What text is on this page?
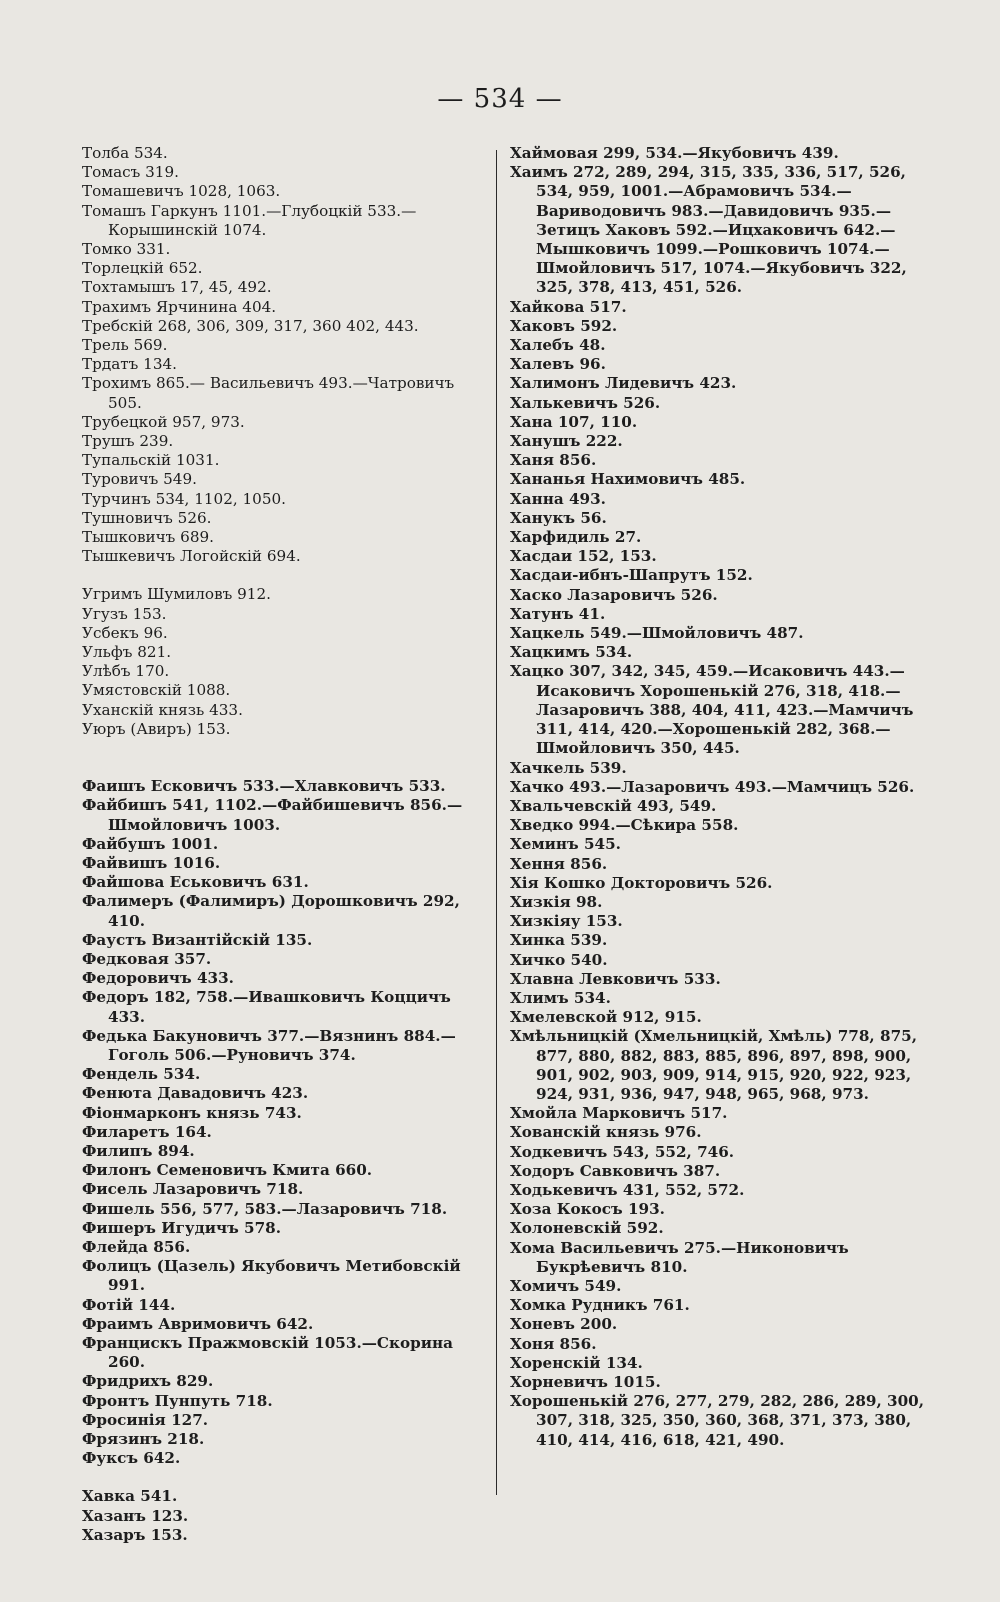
— 534 —
Толба 534.
Томасъ 319.
Томашевичъ 1028, 1063.
Томашъ Гаркунъ 1101.—Глубоцкій 533.—Корышинскій 1074.
Томко 331.
Торлецкій 652.
Тохтамышъ 17, 45, 492.
Трахимъ Ярчинина 404.
Требскій 268, 306, 309, 317, 360 402, 443.
Трель 569.
Трдатъ 134.
Трохимъ 865.— Васильевичъ 493.—Чатровичъ 505.
Трубецкой 957, 973.
Трушъ 239.
Тупальскій 1031.
Туровичъ 549.
Турчинъ 534, 1102, 1050.
Тушновичъ 526.
Тышковичъ 689.
Тышкевичъ Логойскій 694.
Угримъ Шумиловъ 912.
Угузъ 153.
Усбекъ 96.
Ульфъ 821.
Улѣбъ 170.
Умястовскій 1088.
Уханскій князь 433.
Уюръ (Авиръ) 153.
Фаишъ Есковичъ 533.—Хлавковичъ 533.
Файбишъ 541, 1102.—Файбишевичъ 856.—Шмойловичъ 1003.
Файбушъ 1001.
Файвишъ 1016.
Файшова Еськовичъ 631.
Фалимеръ (Фалимиръ) Дорошковичъ 292, 410.
Фаустъ Византійскій 135.
Федковая 357.
Федоровичъ 433.
Федоръ 182, 758.—Ивашковичъ Коццичъ 433.
Федька Бакуновичъ 377.—Вязнинъ 884.—Гоголь 506.—Руновичъ 374.
Фендель 534.
Фенюта Давадовичъ 423.
Фіонмарконъ князь 743.
Филаретъ 164.
Филипъ 894.
Филонъ Семеновичъ Кмита 660.
Фисель Лазаровичъ 718.
Фишель 556, 577, 583.—Лазаровичъ 718.
Фишеръ Игудичъ 578.
Флейда 856.
Фолицъ (Цазель) Якубовичъ Метибовскій 991.
Фотій 144.
Фраимъ Авримовичъ 642.
Францискъ Пражмовскій 1053.—Скорина 260.
Фридрихъ 829.
Фронтъ Пунпуть 718.
Фросинія 127.
Фрязинъ 218.
Фуксъ 642.
Хавка 541.
Хазанъ 123.
Хазаръ 153.
Хаймовая 299, 534.—Якубовичъ 439.
Хаимъ 272, 289, 294, 315, 335, 336, 517, 526, 534, 959, 1001.—Абрамовичъ 534.—Вариводовичъ 983.—Давидовичъ 935.—Зетицъ Хаковъ 592.—Ицхаковичъ 642.—Мышковичъ 1099.—Рошковичъ 1074.—Шмойловичъ 517, 1074.—Якубовичъ 322, 325, 378, 413, 451, 526.
Хайкова 517.
Хаковъ 592.
Халебъ 48.
Халевъ 96.
Халимонъ Лидевичъ 423.
Халькевичъ 526.
Хана 107, 110.
Ханушъ 222.
Ханя 856.
Хананья Нахимовичъ 485.
Ханна 493.
Ханукъ 56.
Харфидиль 27.
Хасдаи 152, 153.
Хасдаи-ибнъ-Шапрутъ 152.
Хаско Лазаровичъ 526.
Хатунъ 41.
Хацкель 549.—Шмойловичъ 487.
Хацкимъ 534.
Хацко 307, 342, 345, 459.—Исаковичъ 443.—Исаковичъ Хорошенькій 276, 318, 418.—Лазаровичъ 388, 404, 411, 423.—Мамчичъ 311, 414, 420.—Хорошенькій 282, 368.—Шмойловичъ 350, 445.
Хачкель 539.
Хачко 493.—Лазаровичъ 493.—Мамчицъ 526.
Хвальчевскій 493, 549.
Хведко 994.—Сѣкира 558.
Хеминъ 545.
Хення 856.
Хія Кошко Докторовичъ 526.
Хизкія 98.
Хизкіяу 153.
Хинка 539.
Хичко 540.
Хлавна Левковичъ 533.
Хлимъ 534.
Хмелевской 912, 915.
Хмѣльницкій (Хмельницкій, Хмѣль) 778, 875, 877, 880, 882, 883, 885, 896, 897, 898, 900, 901, 902, 903, 909, 914, 915, 920, 922, 923, 924, 931, 936, 947, 948, 965, 968, 973.
Хмойла Марковичъ 517.
Хованскій князь 976.
Ходкевичъ 543, 552, 746.
Ходоръ Савковичъ 387.
Ходькевичъ 431, 552, 572.
Хоза Кокосъ 193.
Холоневскій 592.
Хома Васильевичъ 275.—Никоновичъ Букрѣевичъ 810.
Хомичъ 549.
Хомка Рудникъ 761.
Хоневъ 200.
Хоня 856.
Хоренскій 134.
Хорневичъ 1015.
Хорошенькій 276, 277, 279, 282, 286, 289, 300, 307, 318, 325, 350, 360, 368, 371, 373, 380, 410, 414, 416, 618, 421, 490.
